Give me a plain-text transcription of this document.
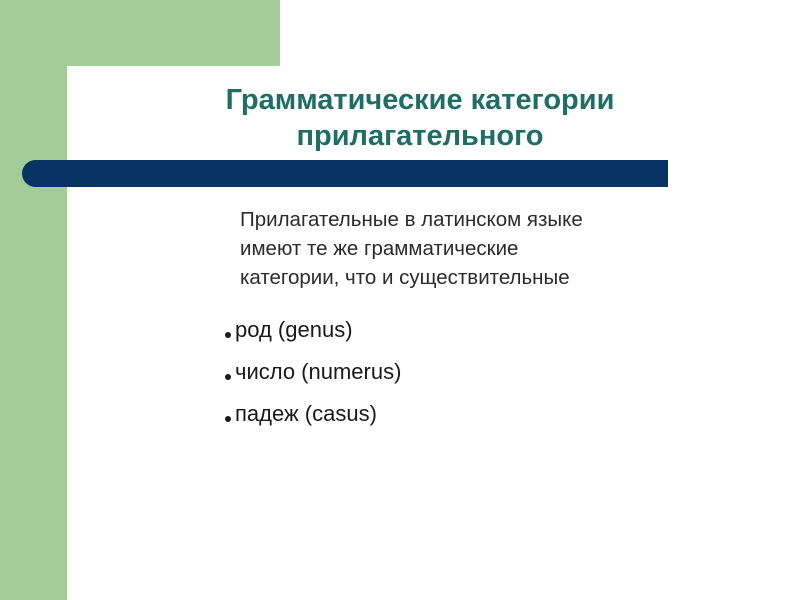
Грамматические категории
прилагательного

Прилагательные в латинском языке
имеют те же грамматические
категории, что и существительные

род (genus)
число (numerus)
падеж (casus)
